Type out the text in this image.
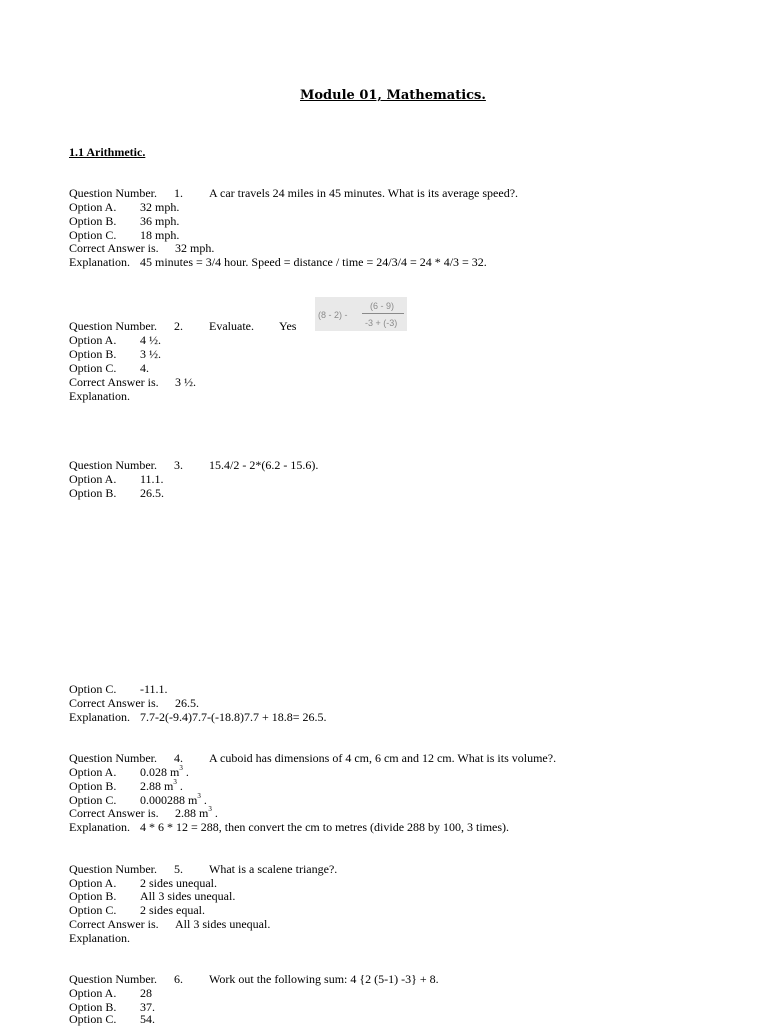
Module 01, Mathematics.
1.1 Arithmetic.
Question Number. 1. A car travels 24 miles in 45 minutes. What is its average speed?.
Option A. 32 mph.
Option B. 36 mph.
Option C. 18 mph.
Correct Answer is. 32 mph.
Explanation. 45 minutes = 3/4 hour. Speed = distance / time = 24/3/4 = 24 * 4/3 = 32.
Question Number. 2. Evaluate. Yes
(8 - 2) -
(6 - 9)
-3 + (-3)
Option A. 4 ½.
Option B. 3 ½.
Option C. 4.
Correct Answer is. 3 ½.
Explanation.
Question Number. 3. 15.4/2 - 2*(6.2 - 15.6).
Option A. 11.1.
Option B. 26.5.
Option C. -11.1.
Correct Answer is. 26.5.
Explanation. 7.7-2(-9.4)7.7-(-18.8)7.7 + 18.8= 26.5.
Question Number. 4. A cuboid has dimensions of 4 cm, 6 cm and 12 cm. What is its volume?.
Option A. 0.028 $m^3$ .
Option B. 2.88 $m^3$ .
Option C. 0.000288 $m^3$ .
Correct Answer is. 2.88 $m^3$ .
Explanation. 4 * 6 * 12 = 288, then convert the cm to metres (divide 288 by 100, 3 times).
Question Number. 5. What is a scalene triange?.
Option A. 2 sides unequal.
Option B. All 3 sides unequal.
Option C. 2 sides equal.
Correct Answer is. All 3 sides unequal.
Explanation.
Question Number. 6. Work out the following sum: 4 {2 (5-1) -3} + 8.
Option A. 28
Option B. 37.
Option C. 54.
